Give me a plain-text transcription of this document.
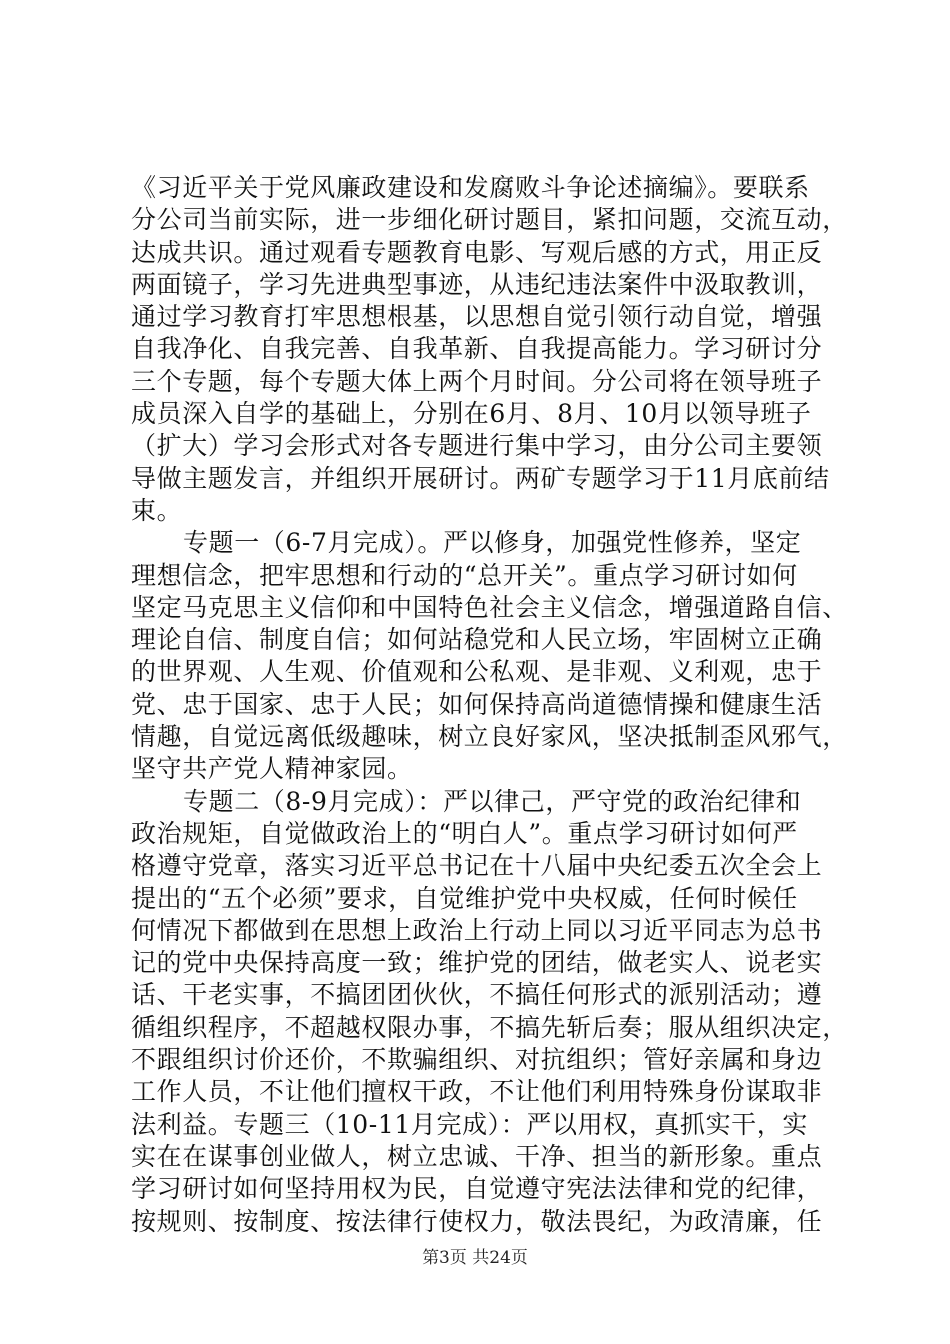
《习近平关于党风廉政建设和发腐败斗争论述摘编》。要联系
分公司当前实际，进一步细化研讨题目，紧扣问题，交流互动，
达成共识。通过观看专题教育电影、写观后感的方式，用正反
两面镜子，学习先进典型事迹，从违纪违法案件中汲取教训，
通过学习教育打牢思想根基，以思想自觉引领行动自觉，增强
自我净化、自我完善、自我革新、自我提高能力。学习研讨分
三个专题，每个专题大体上两个月时间。分公司将在领导班子
成员深入自学的基础上，分别在6月、8月、10月以领导班子
（扩大）学习会形式对各专题进行集中学习，由分公司主要领
导做主题发言，并组织开展研讨。两矿专题学习于11月底前结
束。
专题一（6-7月完成）。严以修身，加强党性修养，坚定
理想信念，把牢思想和行动的“总开关”。重点学习研讨如何
坚定马克思主义信仰和中国特色社会主义信念，增强道路自信、
理论自信、制度自信；如何站稳党和人民立场，牢固树立正确
的世界观、人生观、价值观和公私观、是非观、义利观，忠于
党、忠于国家、忠于人民；如何保持高尚道德情操和健康生活
情趣，自觉远离低级趣味，树立良好家风，坚决抵制歪风邪气，
坚守共产党人精神家园。
专题二（8-9月完成）：严以律己，严守党的政治纪律和
政治规矩，自觉做政治上的“明白人”。重点学习研讨如何严
格遵守党章，落实习近平总书记在十八届中央纪委五次全会上
提出的“五个必须”要求，自觉维护党中央权威，任何时候任
何情况下都做到在思想上政治上行动上同以习近平同志为总书
记的党中央保持高度一致；维护党的团结，做老实人、说老实
话、干老实事，不搞团团伙伙，不搞任何形式的派别活动；遵
循组织程序，不超越权限办事，不搞先斩后奏；服从组织决定，
不跟组织讨价还价，不欺骗组织、对抗组织；管好亲属和身边
工作人员，不让他们擅权干政，不让他们利用特殊身份谋取非
法利益。专题三（10-11月完成）：严以用权，真抓实干，实
实在在谋事创业做人，树立忠诚、干净、担当的新形象。重点
学习研讨如何坚持用权为民，自觉遵守宪法法律和党的纪律，
按规则、按制度、按法律行使权力，敬法畏纪，为政清廉，任
第3页 共24页
